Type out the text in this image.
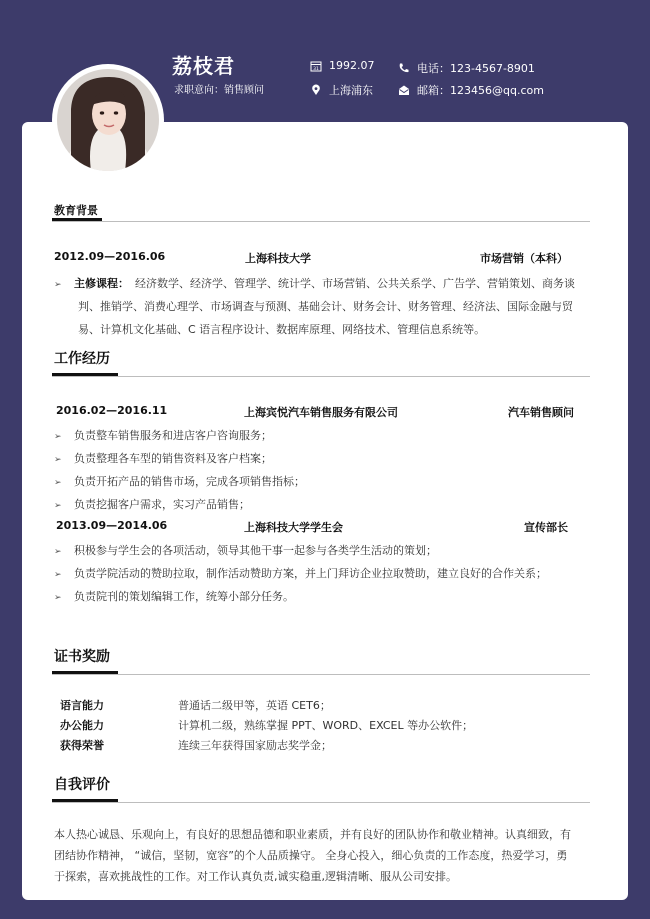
荔枝君
求职意向：销售顾问
31 1992.07
上海浦东
电话：123-4567-8901
邮箱：123456@qq.com
教育背景
2012.09—2016.06	上海科技大学	市场营销（本科）
➢ 主修课程： 经济数学、经济学、管理学、统计学、市场营销、公共关系学、广告学、营销策划、商务谈
判、推销学、消费心理学、市场调查与预测、基础会计、财务会计、财务管理、经济法、国际金融与贸
易、计算机文化基础、C 语言程序设计、数据库原理、网络技术、管理信息系统等。
工作经历
2016.02—2016.11	上海宾悦汽车销售服务有限公司	汽车销售顾问
➢ 负责整车销售服务和进店客户咨询服务；
➢ 负责整理各车型的销售资料及客户档案；
➢ 负责开拓产品的销售市场，完成各项销售指标；
➢ 负责挖掘客户需求，实习产品销售；
2013.09—2014.06	上海科技大学学生会	宣传部长
➢ 积极参与学生会的各项活动，领导其他干事一起参与各类学生活动的策划；
➢ 负责学院活动的赞助拉取，制作活动赞助方案，并上门拜访企业拉取赞助，建立良好的合作关系；
➢ 负责院刊的策划编辑工作，统筹小部分任务。
证书奖励
语言能力	普通话二级甲等，英语 CET6；
办公能力	计算机二级，熟练掌握 PPT、WORD、EXCEL 等办公软件；
获得荣誉	连续三年获得国家励志奖学金；
自我评价
本人热心诚恳、乐观向上，有良好的思想品德和职业素质，并有良好的团队协作和敬业精神。认真细致，有
团结协作精神， “诚信，坚韧，宽容”的个人品质操守。 全身心投入，细心负责的工作态度，热爱学习，勇
于探索，喜欢挑战性的工作。对工作认真负责,诚实稳重,逻辑清晰、服从公司安排。
